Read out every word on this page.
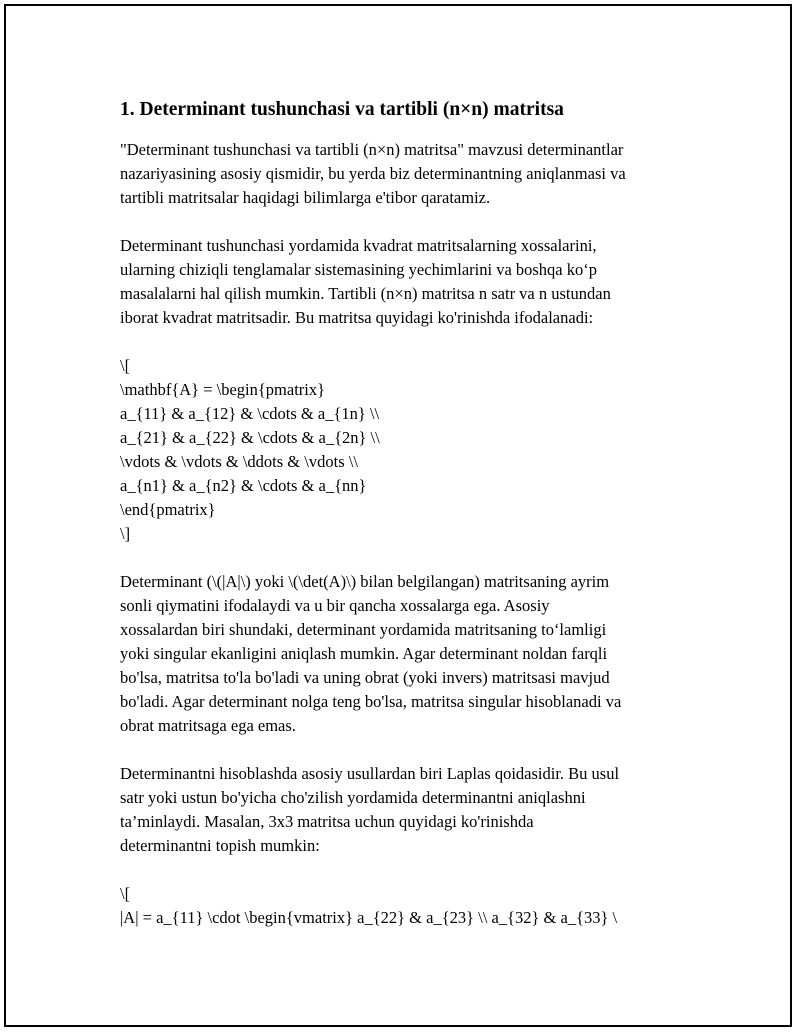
1. Determinant tushunchasi va tartibli (n×n) matritsa
"Determinant tushunchasi va tartibli (n×n) matritsa" mavzusi determinantlar
nazariyasining asosiy qismidir, bu yerda biz determinantning aniqlanmasi va
tartibli matritsalar haqidagi bilimlarga e'tibor qaratamiz.
Determinant tushunchasi yordamida kvadrat matritsalarning xossalarini,
ularning chiziqli tenglamalar sistemasining yechimlarini va boshqa ko‘p
masalalarni hal qilish mumkin. Tartibli (n×n) matritsa n satr va n ustundan
iborat kvadrat matritsadir. Bu matritsa quyidagi ko'rinishda ifodalanadi:
\[
\mathbf{A} = \begin{pmatrix}
a_{11} & a_{12} & \cdots & a_{1n} \\
a_{21} & a_{22} & \cdots & a_{2n} \\
\vdots & \vdots & \ddots & \vdots \\
a_{n1} & a_{n2} & \cdots & a_{nn}
\end{pmatrix}
\]
Determinant (\(|A|\) yoki \(\det(A)\) bilan belgilangan) matritsaning ayrim
sonli qiymatini ifodalaydi va u bir qancha xossalarga ega. Asosiy
xossalardan biri shundaki, determinant yordamida matritsaning to‘lamligi
yoki singular ekanligini aniqlash mumkin. Agar determinant noldan farqli
bo'lsa, matritsa to'la bo'ladi va uning obrat (yoki invers) matritsasi mavjud
bo'ladi. Agar determinant nolga teng bo'lsa, matritsa singular hisoblanadi va
obrat matritsaga ega emas.
Determinantni hisoblashda asosiy usullardan biri Laplas qoidasidir. Bu usul
satr yoki ustun bo'yicha cho'zilish yordamida determinantni aniqlashni
ta’minlaydi. Masalan, 3x3 matritsa uchun quyidagi ko'rinishda
determinantni topish mumkin:
\[
|A| = a_{11} \cdot \begin{vmatrix} a_{22} & a_{23} \\ a_{32} & a_{33} \
